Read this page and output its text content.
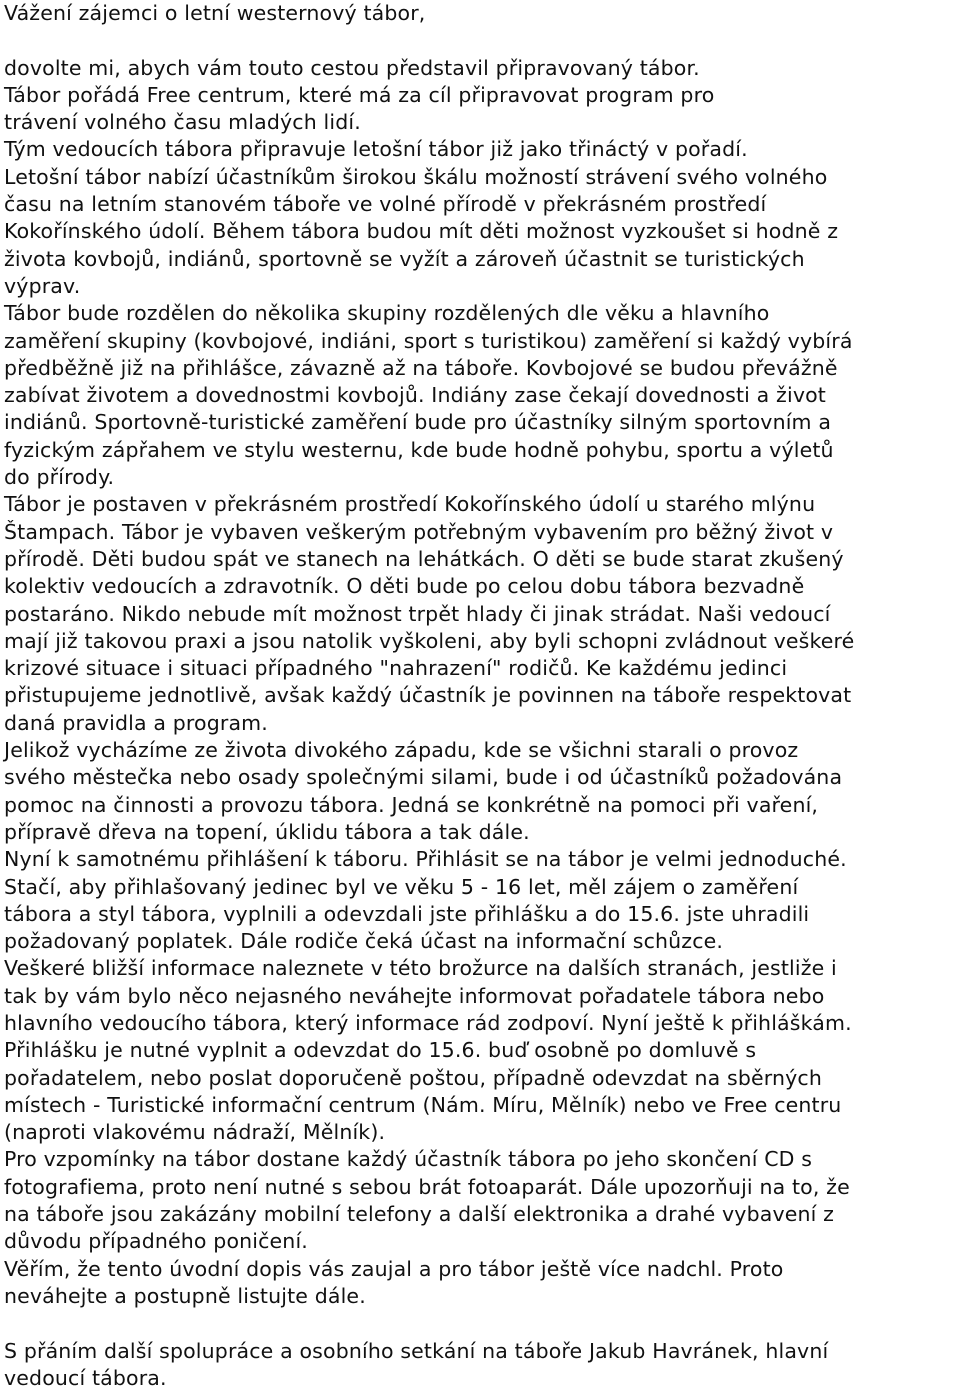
Vážení zájemci o letní westernový tábor,
dovolte mi, abych vám touto cestou představil připravovaný tábor.
Tábor pořádá Free centrum, které má za cíl připravovat program pro
trávení volného času mladých lidí.
Tým vedoucích tábora připravuje letošní tábor již jako třináctý v pořadí.
Letošní tábor nabízí účastníkům širokou škálu možností strávení svého volného
času na letním stanovém táboře ve volné přírodě v překrásném prostředí
Kokořínského údolí. Během tábora budou mít děti možnost vyzkoušet si hodně z
života kovbojů, indiánů, sportovně se vyžít a zároveň účastnit se turistických
výprav.
Tábor bude rozdělen do několika skupiny rozdělených dle věku a hlavního
zaměření skupiny (kovbojové, indiáni, sport s turistikou) zaměření si každý vybírá
předběžně již na přihlášce, závazně až na táboře. Kovbojové se budou převážně
zabívat životem a dovednostmi kovbojů. Indiány zase čekají dovednosti a život
indiánů. Sportovně-turistické zaměření bude pro účastníky silným sportovním a
fyzickým zápřahem ve stylu westernu, kde bude hodně pohybu, sportu a výletů
do přírody.
Tábor je postaven v překrásném prostředí Kokořínského údolí u starého mlýnu
Štampach. Tábor je vybaven veškerým potřebným vybavením pro běžný život v
přírodě. Děti budou spát ve stanech na lehátkách. O děti se bude starat zkušený
kolektiv vedoucích a zdravotník. O děti bude po celou dobu tábora bezvadně
postaráno. Nikdo nebude mít možnost trpět hlady či jinak strádat. Naši vedoucí
mají již takovou praxi a jsou natolik vyškoleni, aby byli schopni zvládnout veškeré
krizové situace i situaci případného "nahrazení" rodičů. Ke každému jedinci
přistupujeme jednotlivě, avšak každý účastník je povinnen na táboře respektovat
daná pravidla a program.
Jelikož vycházíme ze života divokého západu, kde se všichni starali o provoz
svého městečka nebo osady společnými silami, bude i od účastníků požadována
pomoc na činnosti a provozu tábora. Jedná se konkrétně na pomoci při vaření,
přípravě dřeva na topení, úklidu tábora a tak dále.
Nyní k samotnému přihlášení k táboru. Přihlásit se na tábor je velmi jednoduché.
Stačí, aby přihlašovaný jedinec byl ve věku 5 - 16 let, měl zájem o zaměření
tábora a styl tábora, vyplnili a odevzdali jste přihlášku a do 15.6. jste uhradili
požadovaný poplatek. Dále rodiče čeká účast na informační schůzce.
Veškeré bližší informace naleznete v této brožurce na dalších stranách, jestliže i
tak by vám bylo něco nejasného neváhejte informovat pořadatele tábora nebo
hlavního vedoucího tábora, který informace rád zodpoví. Nyní ještě k přihláškám.
Přihlášku je nutné vyplnit a odevzdat do 15.6. buď osobně po domluvě s
pořadatelem, nebo poslat doporučeně poštou, případně odevzdat na sběrných
místech - Turistické informační centrum (Nám. Míru, Mělník) nebo ve Free centru
(naproti vlakovému nádraží, Mělník).
Pro vzpomínky na tábor dostane každý účastník tábora po jeho skončení CD s
fotografiema, proto není nutné s sebou brát fotoaparát. Dále upozorňuji na to, že
na táboře jsou zakázány mobilní telefony a další elektronika a drahé vybavení z
důvodu případného poničení.
Věřím, že tento úvodní dopis vás zaujal a pro tábor ještě více nadchl. Proto
neváhejte a postupně listujte dále.
S přáním další spolupráce a osobního setkání na táboře Jakub Havránek, hlavní
vedoucí tábora.
